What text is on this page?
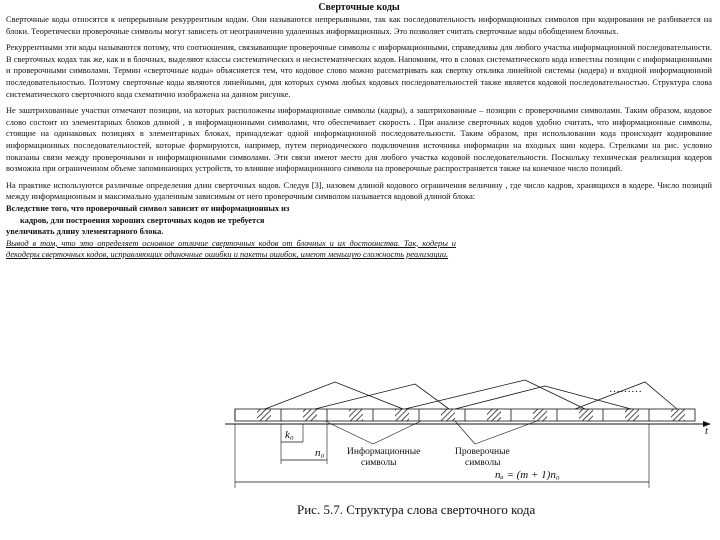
Сверточные коды

Сверточные коды относятся к непрерывным рекуррентным кодам. Они называются непрерывными, так как последовательность информационных символов при кодировании не разбивается на блоки. Теоретически проверочные символы могут зависеть от неограниченно удаленных информационных. Это позволяет считать сверточные коды обобщением блочных.

Рекуррентными эти коды называются потому, что соотношения, связывающие проверочные символы с информационными, справедливы для любого участка информационной последовательности. В сверточных кодах так же, как и в блочных, выделяют классы систематических и несистематических кодов. Напомним, что в словах систематического кода известны позиции с информационными и проверочными символами. Термин «сверточные коды» объясняется тем, что кодовое слово можно рассматривать как свертку отклика линейной системы (кодера) и входной информационной последовательностью. Поэтому сверточные коды являются линейными, для которых сумма любых кодовых последовательностей также является кодовой последовательностью. Структура слова систематического сверточного кода схематично изображена на данном рисунке.

Не заштрихованные участки отмечают позиции, на которых расположены информационные символы (кадры), а заштрихованные – позиции с проверочными символами. Таким образом, кодовое слово состоит из элементарных блоков длиной , в информационными символами, что обеспечивает скорость . При анализе сверточных кодов удобно считать, что информационные символы, стоящие на одинаковых позициях в элементарных блоках, принадлежат одной информационной последовательности. Таким образом, при использовании кода происходит кодирование информационных последовательностей, которые формируются, например, путем периодического подключения источника информации на входных шин кодера. Стрелками на рис. условно показаны связи между проверочными и информационными символами. Эти связи имеют место для любого участка кодовой последовательности. Поскольку техническая реализация кодеров возможна при ограниченном объеме запоминающих устройств, то влияние информационного символа на проверочные распространяется также на конечное число позиций.

На практике используются различные определения длин сверточных кодов. Следуя [3], назовем длиной кодового ограничения величину , где число кадров, хранящихся в кодере. Число позиций между информационным и максимально удаленным зависимым от него проверочным символом называется кодовой длиной блока:

Вследствие того, что проверочный символ зависит от информационных из

кадров, для построения хороших сверточных кодов не требуется

увеличивать длину элементарного блока.

Вывод в том, что это определяет основное отличие сверточных кодов от блочных и их достоинства. Так, кодеры и декодеры сверточных кодов, исправляющих одиночные ошибки и пакеты ошибок, имеют меньшую сложность реализации.

t
………
k₀
n₀ Информационные
символы
Проверочные
символы
nₐ = (m + 1)n₀
Рис. 5.7. Структура слова сверточного кода
